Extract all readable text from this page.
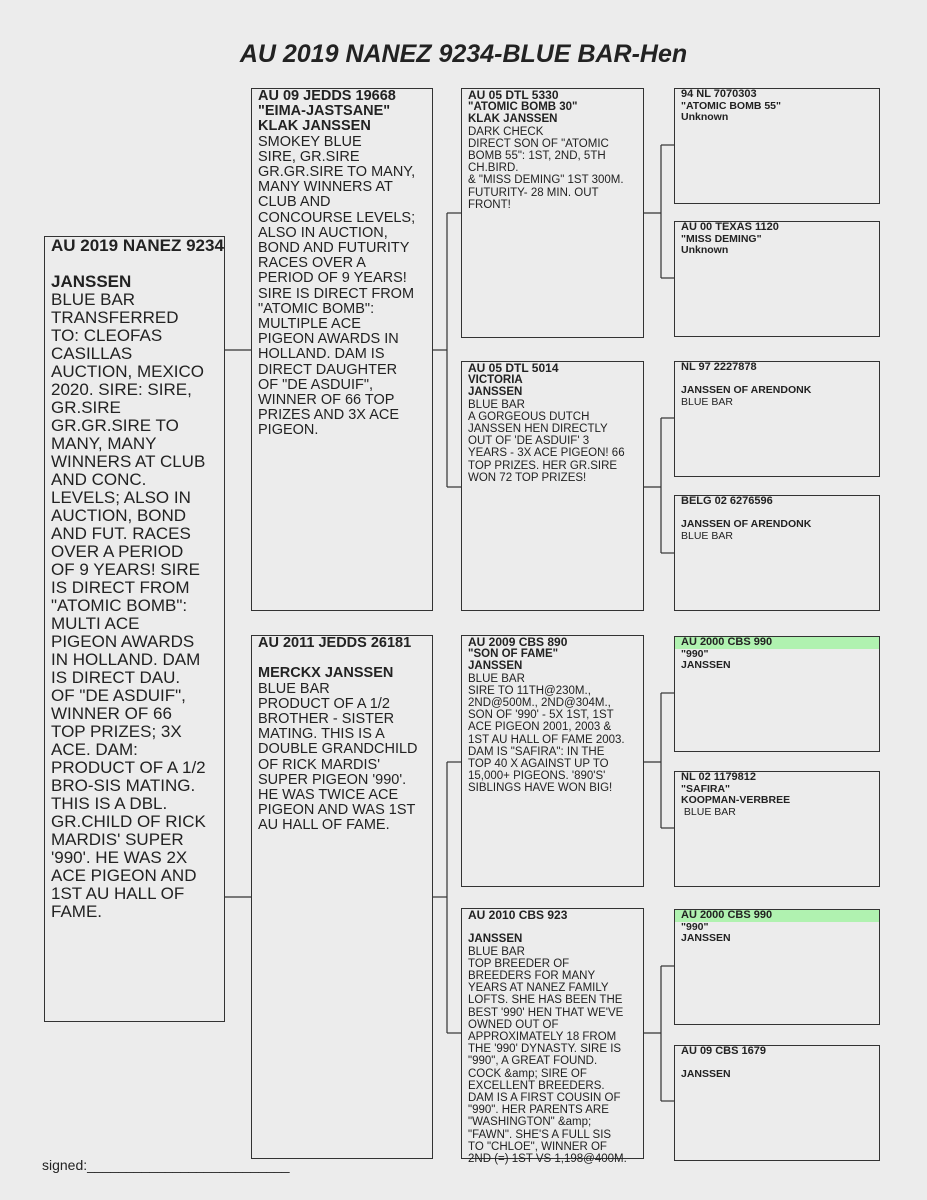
AU 2019 NANEZ 9234-BLUE BAR-Hen
AU 2019 NANEZ 9234
JANSSEN
BLUE BAR
TRANSFERRED
TO: CLEOFAS
CASILLAS
AUCTION, MEXICO
2020. SIRE: SIRE,
GR.SIRE
GR.GR.SIRE TO
MANY, MANY
WINNERS AT CLUB
AND CONC.
LEVELS; ALSO IN
AUCTION, BOND
AND FUT. RACES
OVER A PERIOD
OF 9 YEARS! SIRE
IS DIRECT FROM
"ATOMIC BOMB":
MULTI ACE
PIGEON AWARDS
IN HOLLAND. DAM
IS DIRECT DAU.
OF "DE ASDUIF",
WINNER OF 66
TOP PRIZES; 3X
ACE. DAM:
PRODUCT OF A 1/2
BRO-SIS MATING.
THIS IS A DBL.
GR.CHILD OF RICK
MARDIS' SUPER
'990'. HE WAS 2X
ACE PIGEON AND
1ST AU HALL OF
FAME.
AU 09 JEDDS 19668
"EIMA-JASTSANE"
KLAK JANSSEN
SMOKEY BLUE
SIRE, GR.SIRE
GR.GR.SIRE TO MANY,
MANY WINNERS AT
CLUB AND
CONCOURSE LEVELS;
ALSO IN AUCTION,
BOND AND FUTURITY
RACES OVER A
PERIOD OF 9 YEARS!
SIRE IS DIRECT FROM
"ATOMIC BOMB":
MULTIPLE ACE
PIGEON AWARDS IN
HOLLAND. DAM IS
DIRECT DAUGHTER
OF "DE ASDUIF",
WINNER OF 66 TOP
PRIZES AND 3X ACE
PIGEON.
AU 2011 JEDDS 26181
MERCKX JANSSEN
BLUE BAR
PRODUCT OF A 1/2
BROTHER - SISTER
MATING. THIS IS A
DOUBLE GRANDCHILD
OF RICK MARDIS'
SUPER PIGEON '990'.
HE WAS TWICE ACE
PIGEON AND WAS 1ST
AU HALL OF FAME.
AU 05 DTL 5330
"ATOMIC BOMB 30"
KLAK JANSSEN
DARK CHECK
DIRECT SON OF "ATOMIC
BOMB 55": 1ST, 2ND, 5TH
CH.BIRD.
& "MISS DEMING" 1ST 300M.
FUTURITY- 28 MIN. OUT
FRONT!
AU 05 DTL 5014
VICTORIA
JANSSEN
BLUE BAR
A GORGEOUS DUTCH
JANSSEN HEN DIRECTLY
OUT OF 'DE ASDUIF' 3
YEARS - 3X ACE PIGEON! 66
TOP PRIZES. HER GR.SIRE
WON 72 TOP PRIZES!
AU 2009 CBS 890
"SON OF FAME"
JANSSEN
BLUE BAR
SIRE TO 11TH@230M.,
2ND@500M., 2ND@304M.,
SON OF '990' - 5X 1ST, 1ST
ACE PIGEON 2001, 2003 &
1ST AU HALL OF FAME 2003.
DAM IS "SAFIRA": IN THE
TOP 40 X AGAINST UP TO
15,000+ PIGEONS. '890'S'
SIBLINGS HAVE WON BIG!
AU 2010 CBS 923
JANSSEN
BLUE BAR
TOP BREEDER OF
BREEDERS FOR MANY
YEARS AT NANEZ FAMILY
LOFTS. SHE HAS BEEN THE
BEST '990' HEN THAT WE'VE
OWNED OUT OF
APPROXIMATELY 18 FROM
THE '990' DYNASTY. SIRE IS
"990", A GREAT FOUND.
COCK &amp; SIRE OF
EXCELLENT BREEDERS.
DAM IS A FIRST COUSIN OF
"990". HER PARENTS ARE
"WASHINGTON" &amp;
"FAWN". SHE'S A FULL SIS
TO "CHLOE", WINNER OF
2ND (=) 1ST VS 1,198@400M.
94 NL 7070303
"ATOMIC BOMB 55"
Unknown
AU 00 TEXAS 1120
"MISS DEMING"
Unknown
NL 97 2227878
JANSSEN OF ARENDONK
BLUE BAR
BELG 02 6276596
JANSSEN OF ARENDONK
BLUE BAR
AU 2000 CBS 990
"990"
JANSSEN
NL 02 1179812
"SAFIRA"
KOOPMAN-VERBREE
BLUE BAR
AU 2000 CBS 990
"990"
JANSSEN
AU 09 CBS 1679
JANSSEN
signed:__________________________
